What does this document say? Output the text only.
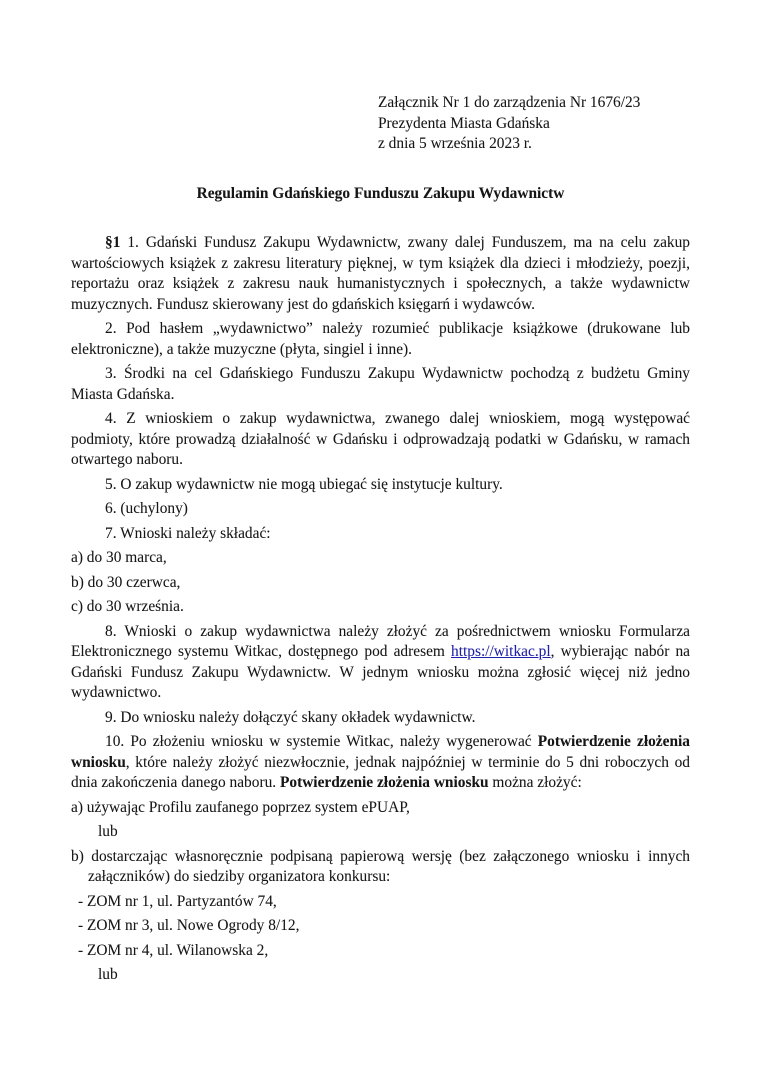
Załącznik Nr 1 do zarządzenia Nr 1676/23
Prezydenta Miasta Gdańska
z dnia 5 września 2023 r.
Regulamin Gdańskiego Funduszu Zakupu Wydawnictw

§1 1. Gdański Fundusz Zakupu Wydawnictw, zwany dalej Funduszem, ma na celu zakup wartościowych książek z zakresu literatury pięknej, w tym książek dla dzieci i młodzieży, poezji, reportażu oraz książek z zakresu nauk humanistycznych i społecznych, a także wydawnictw muzycznych. Fundusz skierowany jest do gdańskich księgarń i wydawców.

2. Pod hasłem „wydawnictwo” należy rozumieć publikacje książkowe (drukowane lub elektroniczne), a także muzyczne (płyta, singiel i inne).

3. Środki na cel Gdańskiego Funduszu Zakupu Wydawnictw pochodzą z budżetu Gminy Miasta Gdańska.

4. Z wnioskiem o zakup wydawnictwa, zwanego dalej wnioskiem, mogą występować podmioty, które prowadzą działalność w Gdańsku i odprowadzają podatki w Gdańsku, w ramach otwartego naboru.

5. O zakup wydawnictw nie mogą ubiegać się instytucje kultury.

6. (uchylony)

7. Wnioski należy składać:

a) do 30 marca,

b) do 30 czerwca,

c) do 30 września.

8. Wnioski o zakup wydawnictwa należy złożyć za pośrednictwem wniosku Formularza Elektronicznego systemu Witkac, dostępnego pod adresem https://witkac.pl, wybierając nabór na Gdański Fundusz Zakupu Wydawnictw. W jednym wniosku można zgłosić więcej niż jedno wydawnictwo.

9. Do wniosku należy dołączyć skany okładek wydawnictw.

10. Po złożeniu wniosku w systemie Witkac, należy wygenerować Potwierdzenie złożenia wniosku, które należy złożyć niezwłocznie, jednak najpóźniej w terminie do 5 dni roboczych od dnia zakończenia danego naboru. Potwierdzenie złożenia wniosku można złożyć:

a) używając Profilu zaufanego poprzez system ePUAP,

lub

b) dostarczając własnoręcznie podpisaną papierową wersję (bez załączonego wniosku i innych załączników) do siedziby organizatora konkursu:

- ZOM nr 1, ul. Partyzantów 74,

- ZOM nr 3, ul. Nowe Ogrody 8/12,

- ZOM nr 4, ul. Wilanowska 2,

lub
